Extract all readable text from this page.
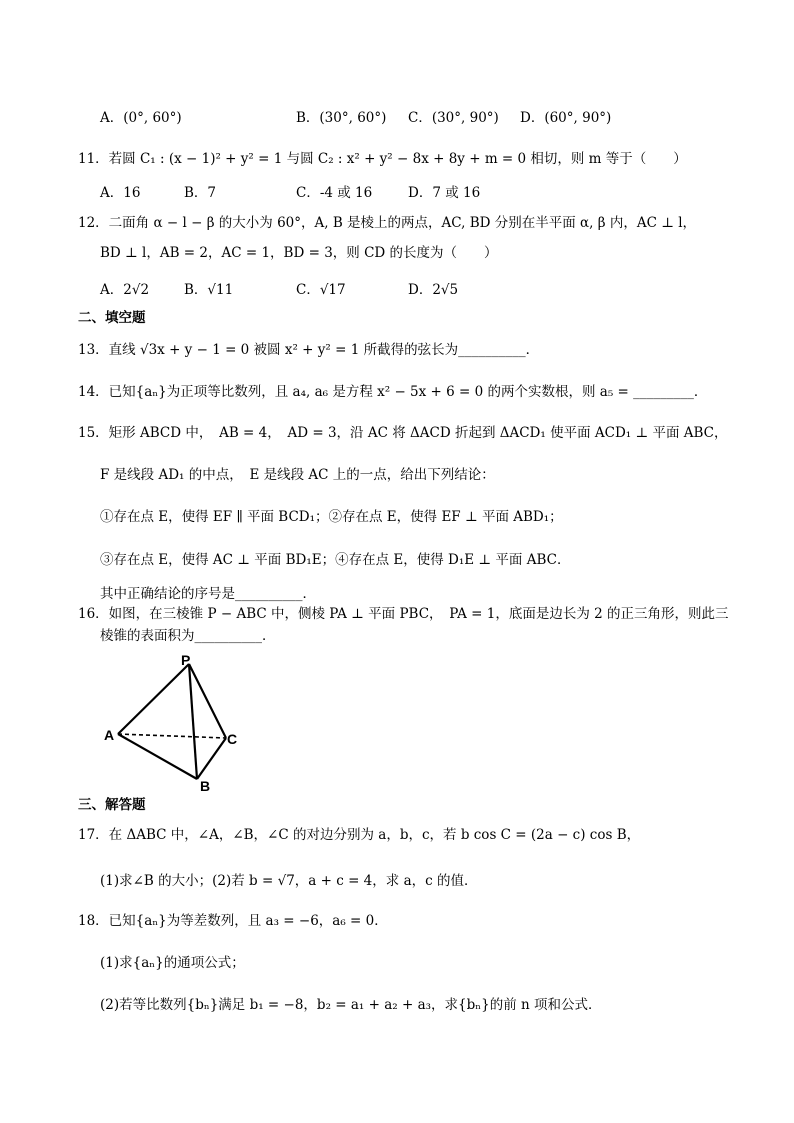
A．(0°, 60°)	B．(30°, 60°) C．(30°, 90°) D．(60°, 90°)
11．若圆 C₁ : (x − 1)² + y² = 1 与圆 C₂ : x² + y² − 8x + 8y + m = 0 相切，则 m 等于（　　）
A．16	B．7	C．-4 或 16	D．7 或 16
12．二面角 α − l − β 的大小为 60°，A, B 是棱上的两点，AC, BD 分别在半平面 α, β 内，AC ⊥ l，
BD ⊥ l，AB = 2，AC = 1，BD = 3，则 CD 的长度为（　　）
A．2√2	B．√11	C．√17	D．2√5
二、填空题
13．直线 √3x + y − 1 = 0 被圆 x² + y² = 1 所截得的弦长为__________．
14．已知{aₙ}为正项等比数列，且 a₄, a₆ 是方程 x² − 5x + 6 = 0 的两个实数根，则 a₅ = _________．
15．矩形 ABCD 中，　AB = 4，　AD = 3，沿 AC 将 ΔACD 折起到 ΔACD₁ 使平面 ACD₁ ⊥ 平面 ABC，
F 是线段 AD₁ 的中点，　E 是线段 AC 上的一点，给出下列结论：
①存在点 E，使得 EF ∥ 平面 BCD₁；②存在点 E，使得 EF ⊥ 平面 ABD₁；
③存在点 E，使得 AC ⊥ 平面 BD₁E；④存在点 E，使得 D₁E ⊥ 平面 ABC．
其中正确结论的序号是__________．
16．如图，在三棱锥 P − ABC 中，侧棱 PA ⊥ 平面 PBC，　PA = 1，底面是边长为 2 的正三角形，则此三
棱锥的表面积为__________．
P
A	C
B
三、解答题
17．在 ΔABC 中，∠A，∠B，∠C 的对边分别为 a，b，c，若 b cos C = (2a − c) cos B，
(1)求∠B 的大小；(2)若 b = √7，a + c = 4，求 a，c 的值．
18．已知{aₙ}为等差数列，且 a₃ = −6，a₆ = 0．
(1)求{aₙ}的通项公式；
(2)若等比数列{bₙ}满足 b₁ = −8，b₂ = a₁ + a₂ + a₃，求{bₙ}的前 n 项和公式．
